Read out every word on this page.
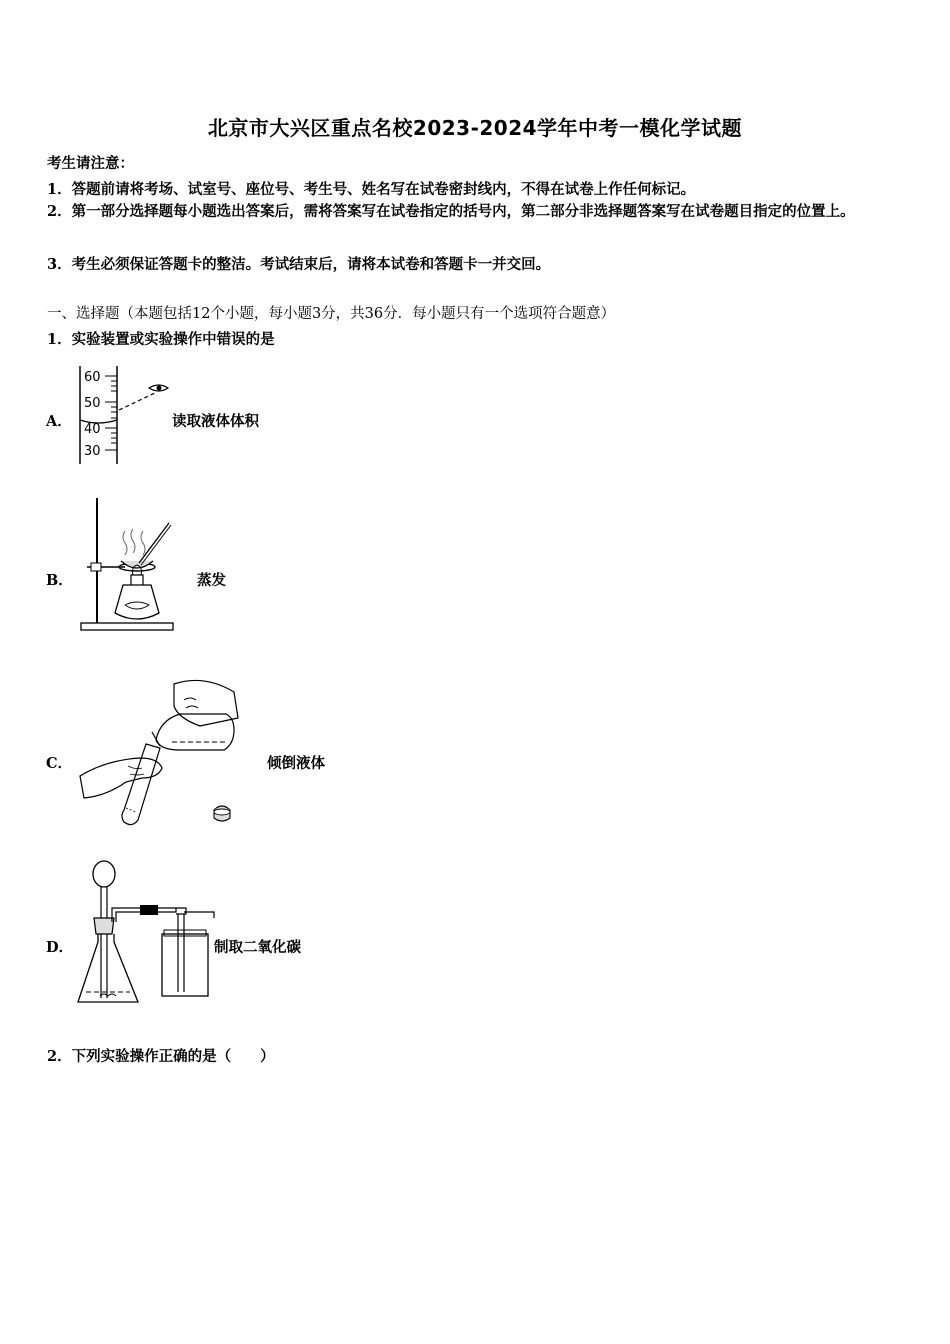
北京市大兴区重点名校2023-2024学年中考一模化学试题
考生请注意：
1．答题前请将考场、试室号、座位号、考生号、姓名写在试卷密封线内，不得在试卷上作任何标记。
2．第一部分选择题每小题选出答案后，需将答案写在试卷指定的括号内，第二部分非选择题答案写在试卷题目指定的位置上。
3．考生必须保证答题卡的整洁。考试结束后，请将本试卷和答题卡一并交回。
一、选择题（本题包括12个小题，每小题3分，共36分．每小题只有一个选项符合题意）
1．实验装置或实验操作中错误的是
A．
60
50
40
30
读取液体体积
B．	蒸发
C．	倾倒液体
D．	制取二氧化碳
2．下列实验操作正确的是（　　）
